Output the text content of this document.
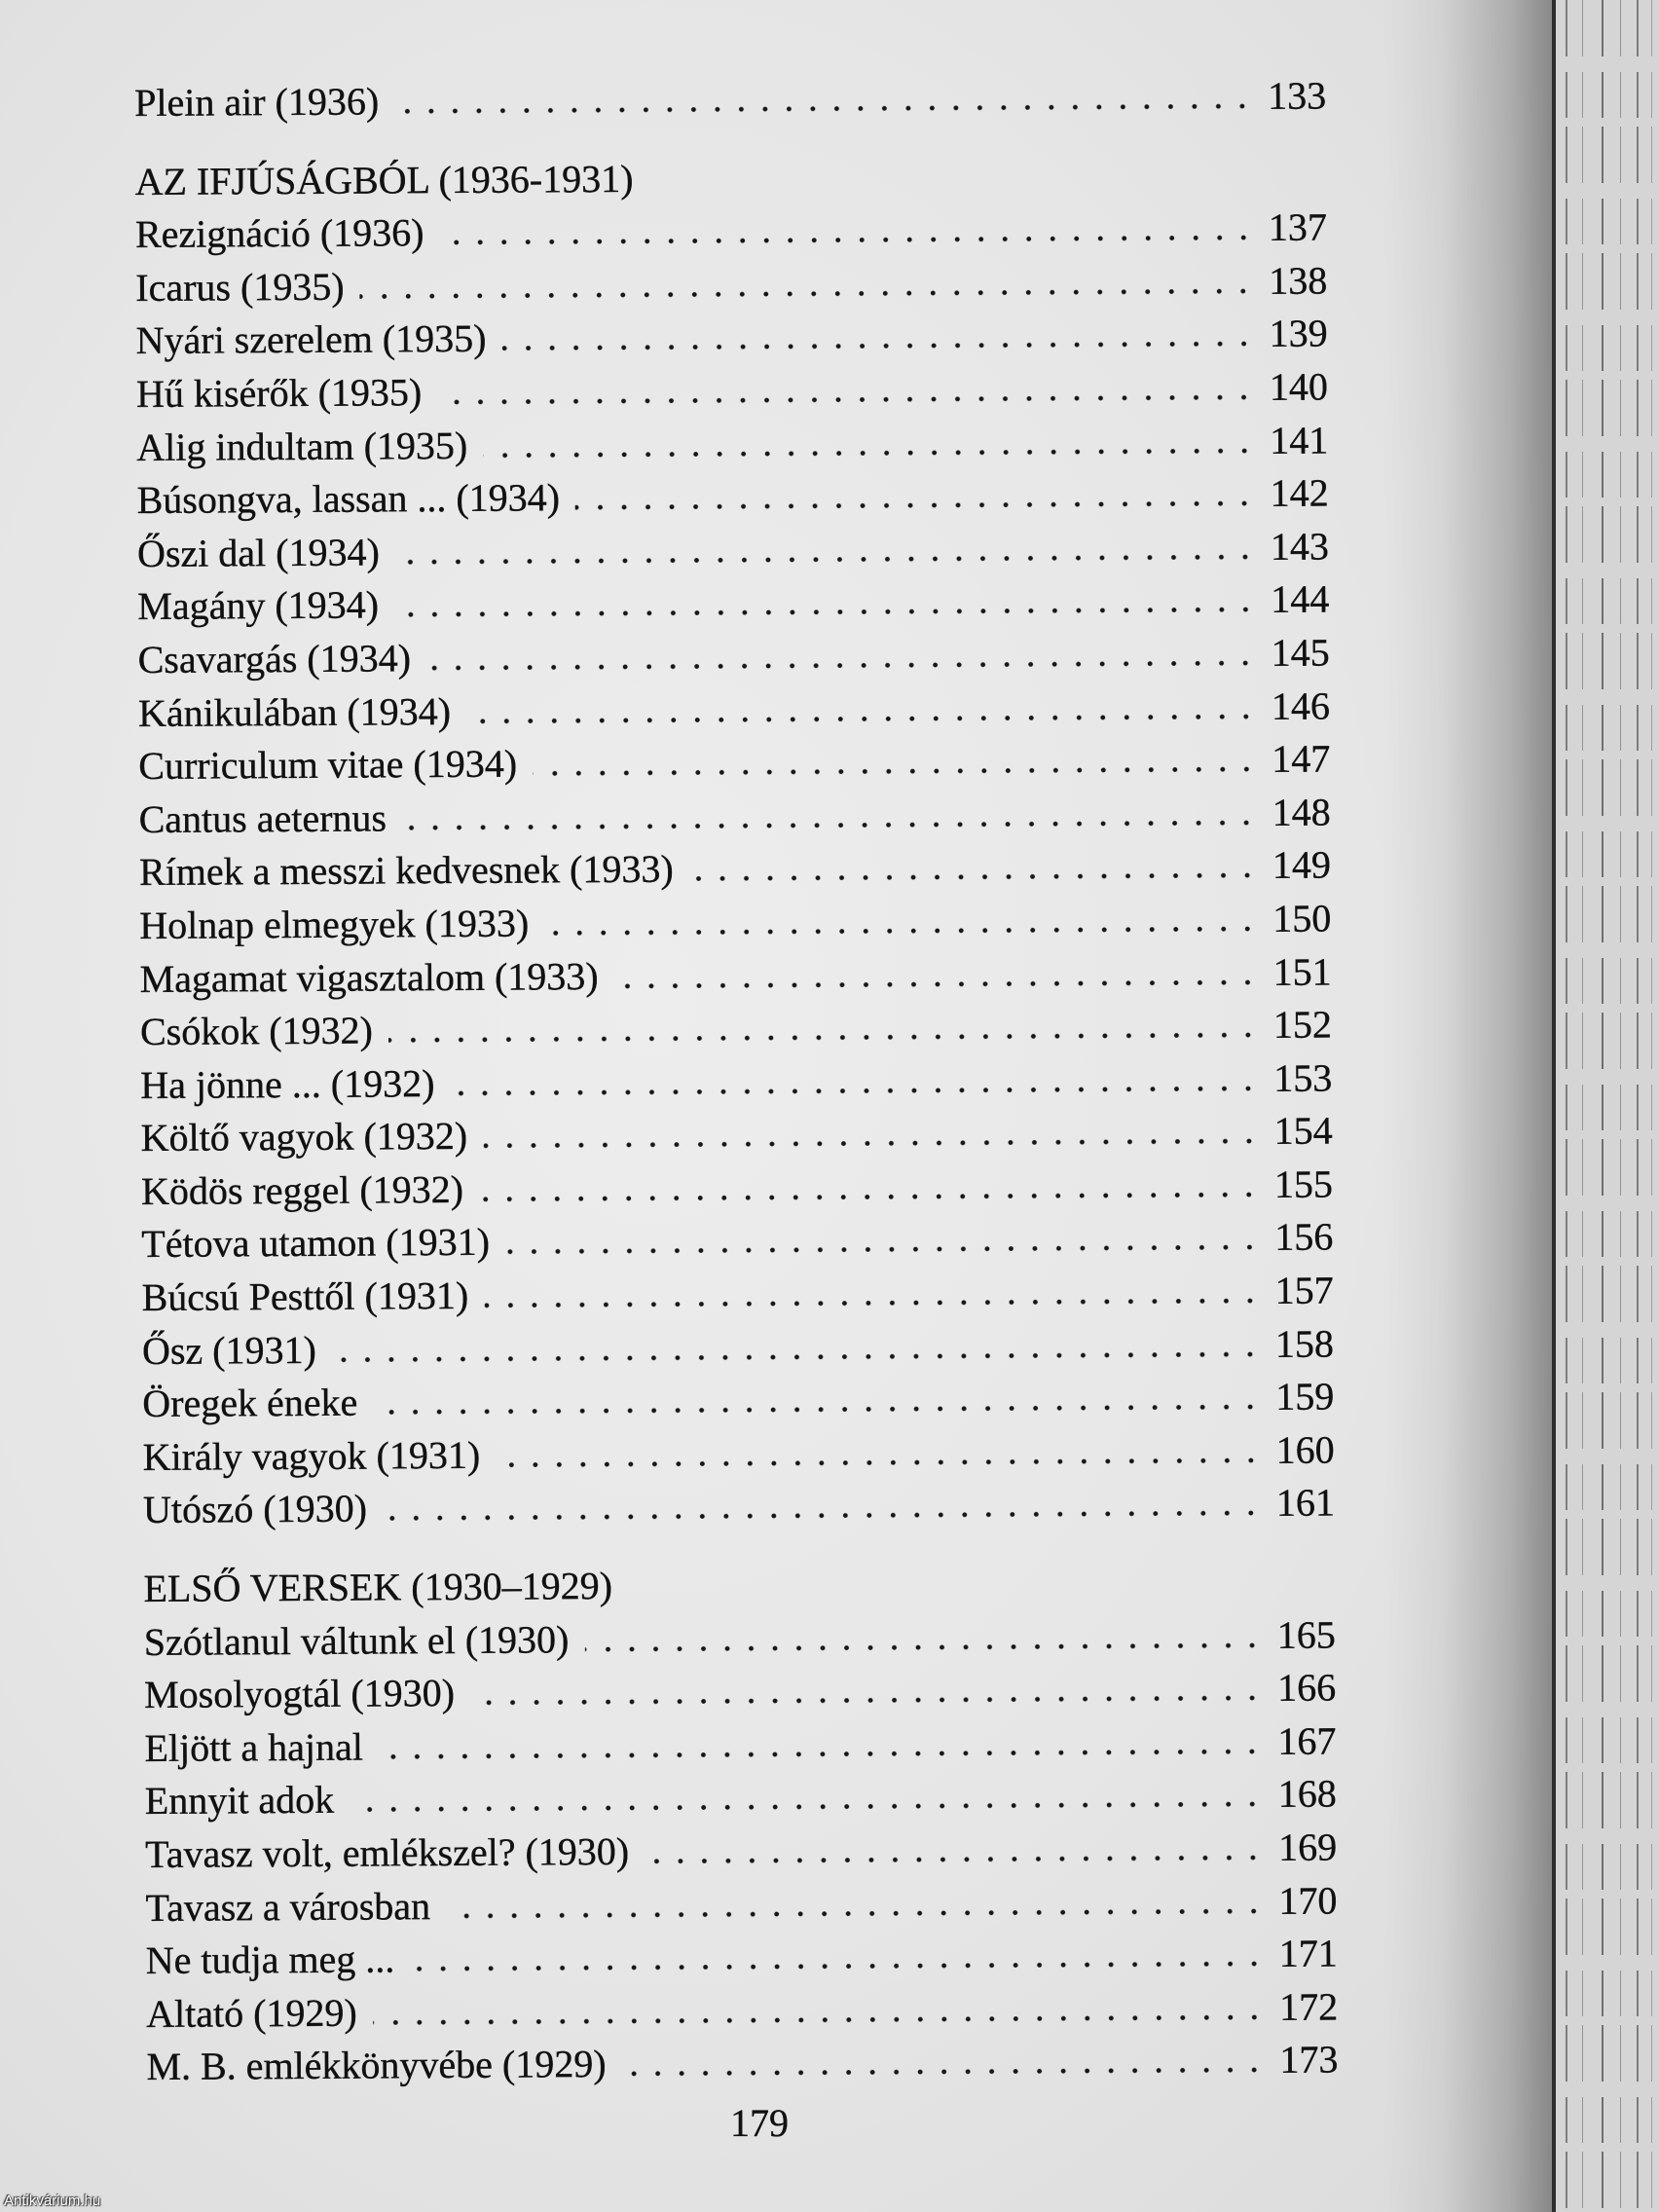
Plein air (1936)	133
AZ IFJÚSÁGBÓL (1936-1931)
Rezignáció (1936)	137
Icarus (1935)	138
Nyári szerelem (1935)	139
Hű kisérők (1935)	140
Alig indultam (1935)	141
Búsongva, lassan ... (1934)	142
Őszi dal (1934)	143
Magány (1934)	144
Csavargás (1934)	145
Kánikulában (1934)	146
Curriculum vitae (1934)	147
Cantus aeternus	148
Rímek a messzi kedvesnek (1933)	149
Holnap elmegyek (1933)	150
Magamat vigasztalom (1933)	151
Csókok (1932)	152
Ha jönne ... (1932)	153
Költő vagyok (1932)	154
Ködös reggel (1932)	155
Tétova utamon (1931)	156
Búcsú Pesttől (1931)	157
Ősz (1931)	158
Öregek éneke	159
Király vagyok (1931)	160
Utószó (1930)	161
ELSŐ VERSEK (1930–1929)
Szótlanul váltunk el (1930)	165
Mosolyogtál (1930)	166
Eljött a hajnal	167
Ennyit adok	168
Tavasz volt, emlékszel? (1930)	169
Tavasz a városban	170
Ne tudja meg ...	171
Altató (1929)	172
M. B. emlékkönyvébe (1929)	173
179
Antikvárium.hu
